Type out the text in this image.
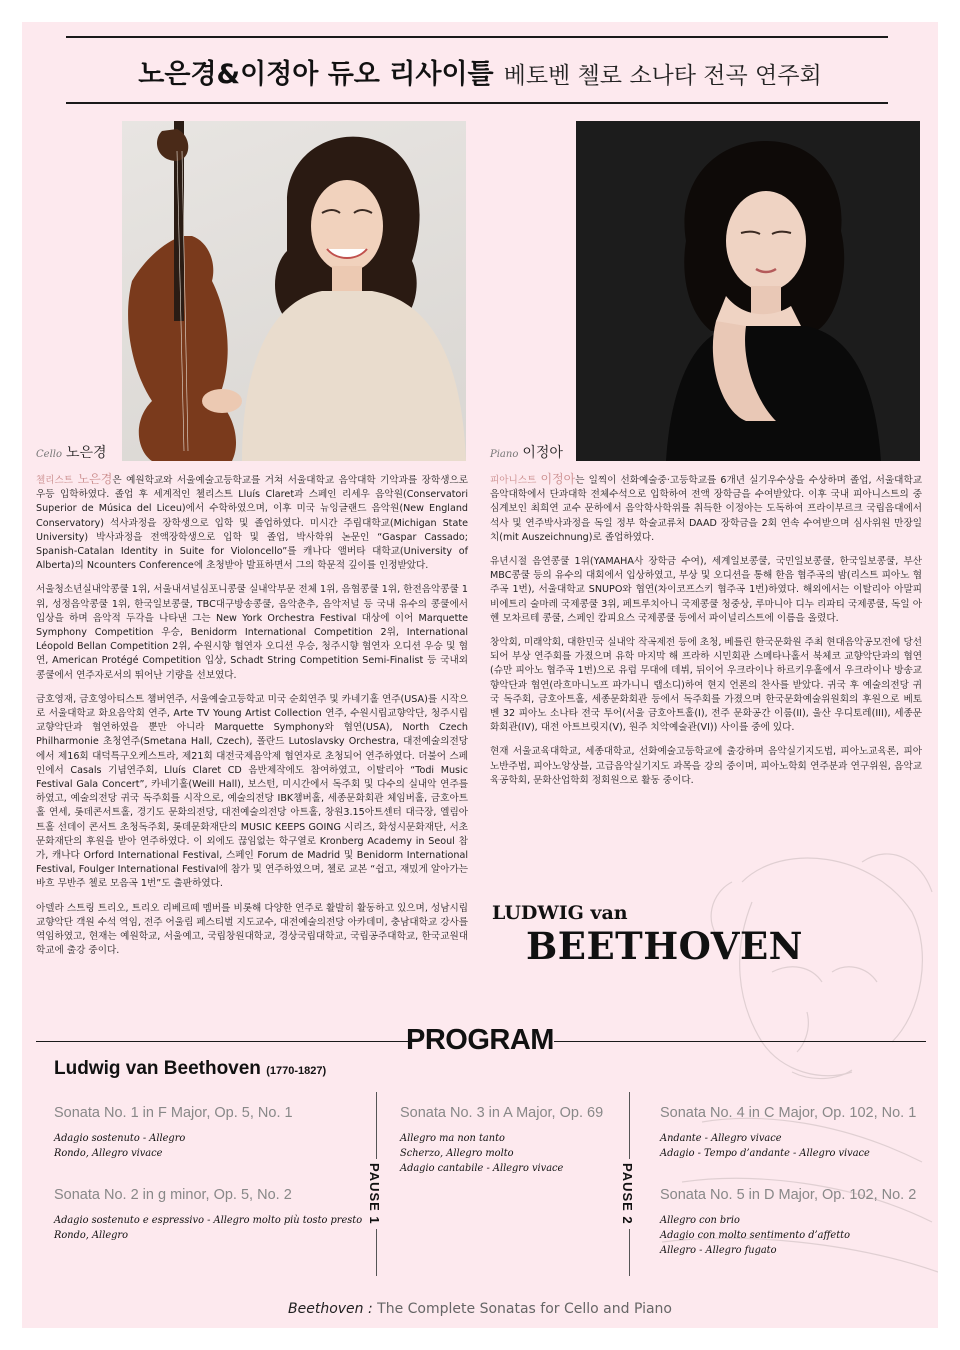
노은경&이정아 듀오 리사이틀 베토벤 첼로 소나타 전곡 연주회
Cello 노은경	Piano 이정아

첼리스트 노은경은 예원학교와 서울예술고등학교를 거쳐 서울대학교 음악대학 기악과를 장학생으로 우등 입학하였다. 졸업 후 세계적인 첼리스트 Lluís Claret과 스페인 리세우 음악원(Conservatori Superior de Música del Liceu)에서 수학하였으며, 이후 미국 뉴잉글랜드 음악원(New England Conservatory) 석사과정을 장학생으로 입학 및 졸업하였다. 미시간 주립대학교(Michigan State University) 박사과정을 전액장학생으로 입학 및 졸업, 박사학위 논문인 “Gaspar Cassado; Spanish-Catalan Identity in Suite for Violoncello”를 캐나다 앨버타 대학교(University of Alberta)의 Ncounters Conference에 초청받아 발표하면서 그의 학문적 깊이를 인정받았다.

서울청소년실내악콩쿨 1위, 서울내셔널심포니콩쿨 실내악부문 전체 1위, 음협콩쿨 1위, 한전음악콩쿨 1위, 성정음악콩쿨 1위, 한국일보콩쿨, TBC대구방송콩쿨, 음악춘추, 음악저널 등 국내 유수의 콩쿨에서 입상을 하며 음악적 두각을 나타낸 그는 New York Orchestra Festival 대상에 이어 Marquette Symphony Competition 우승, Benidorm International Competition 2위, International Léopold Bellan Competition 2위, 수원시향 협연자 오디션 우승, 청주시향 협연자 오디션 우승 및 협연, American Protégé Competition 입상, Schadt String Competition Semi-Finalist 등 국내외 콩쿨에서 연주자로서의 뛰어난 기량을 선보였다.

금호영재, 금호영아티스트 챔버연주, 서울예술고등학교 미국 순회연주 및 카네기홀 연주(USA)를 시작으로 서울대학교 화요음악회 연주, Arte TV Young Artist Collection 연주, 수원시립교향악단, 청주시립교향악단과 협연하였을 뿐만 아니라 Marquette Symphony와 협연(USA), North Czech Philharmonie 초청연주(Smetana Hall, Czech), 폴란드 Lutoslavsky Orchestra, 대전예술의전당에서 제16회 대덕특구오케스트라, 제21회 대전국제음악제 협연자로 초청되어 연주하였다. 더불어 스페인에서 Casals 기념연주회, Lluís Claret CD 음반제작에도 참여하였고, 이탈리아 “Todi Music Festival Gala Concert”, 카네기홀(Weill Hall), 보스턴, 미시간에서 독주회 및 다수의 실내악 연주를 하였고, 예술의전당 귀국 독주회를 시작으로, 예술의전당 IBK챔버홀, 세종문화회관 체임버홀, 금호아트홀 연세, 롯데콘서트홀, 경기도 문화의전당, 대전예술의전당 아트홀, 창원3.15아트센터 대극장, 엘림아트홀 선데이 콘서트 초청독주회, 롯데문화재단의 MUSIC KEEPS GOING 시리즈, 화성시문화재단, 서초문화재단의 후원을 받아 연주하였다. 이 외에도 끊임없는 학구열로 Kronberg Academy in Seoul 참가, 캐나다 Orford International Festival, 스페인 Forum de Madrid 및 Benidorm International Festival, Foulger International Festival에 참가 및 연주하였으며, 첼로 교본 “쉽고, 재밌게 알아가는 바흐 무반주 첼로 모음곡 1번”도 출판하였다.

아델라 스트링 트리오, 트리오 리베르떼 멤버를 비롯해 다양한 연주로 활발히 활동하고 있으며, 성남시립교향악단 객원 수석 역임, 전주 어울림 페스티벌 지도교수, 대전예술의전당 아카데미, 충남대학교 강사를 역임하였고, 현재는 예원학교, 서울예고, 국립창원대학교, 경상국립대학교, 국립공주대학교, 한국교원대학교에 출강 중이다.

피아니스트 이정아는 일찍이 선화예술중·고등학교를 6개년 실기우수상을 수상하며 졸업, 서울대학교 음악대학에서 단과대학 전체수석으로 입학하여 전액 장학금을 수여받았다. 이후 국내 피아니스트의 중심계보인 최희연 교수 문하에서 음악학사학위를 취득한 이정아는 도독하여 프라이부르크 국립음대에서 석사 및 연주박사과정을 독일 정부 학술교류처 DAAD 장학금을 2회 연속 수여받으며 심사위원 만장일치(mit Auszeichnung)로 졸업하였다.

유년시절 음연콩쿨 1위(YAMAHA사 장학금 수여), 세계일보콩쿨, 국민일보콩쿨, 한국일보콩쿨, 부산MBC콩쿨 등의 유수의 대회에서 입상하였고, 부상 및 오디션을 통해 한음 협주곡의 밤(리스트 피아노 협주곡 1번), 서울대학교 SNUPO와 협연(차이코프스키 협주곡 1번)하였다. 해외에서는 이탈리아 아말피 비에트리 술마레 국제콩쿨 3위, 페트루치아니 국제콩쿨 청중상, 루마니아 디누 리파티 국제콩쿨, 독일 아헨 모차르테 콩쿨, 스페인 캄피요스 국제콩쿨 등에서 파이널리스트에 이름을 올렸다.

창악회, 미래악회, 대한민국 실내악 작곡제전 등에 초청, 베를린 한국문화원 주최 현대음악공모전에 당선되어 부상 연주회를 가졌으며 유학 마지막 해 프라하 시민회관 스메타나홀서 북체코 교향악단과의 협연(슈만 피아노 협주곡 1번)으로 유럽 무대에 데뷔, 뒤이어 우크라이나 하르키우홀에서 우크라이나 방송교향악단과 협연(라흐마니노프 파가니니 랩소디)하여 현지 언론의 찬사를 받았다. 귀국 후 예술의전당 귀국 독주회, 금호아트홀, 세종문화회관 등에서 독주회를 가졌으며 한국문화예술위원회의 후원으로 베토벤 32 피아노 소나타 전국 투어(서울 금호아트홀(I), 전주 문화공간 이룸(II), 울산 우디토레(III), 세종문화회관(IV), 대전 아트브릿지(V), 원주 치악예술관(VI)) 사이를 중에 있다.

현재 서울교육대학교, 세종대학교, 선화예술고등학교에 출강하며 음악실기지도법, 피아노교육론, 피아노반주법, 피아노앙상블, 고급음악실기지도 과목을 강의 중이며, 피아노학회 연주분과 연구위원, 음악교육공학회, 문화산업학회 정회원으로 활동 중이다.

LUDWIG van
BEETHOVEN
PROGRAM
Ludwig van Beethoven (1770-1827)
Sonata No. 1 in F Major, Op. 5, No. 1
Adagio sostenuto - Allegro
Rondo, Allegro vivace
Sonata No. 2 in g minor, Op. 5, No. 2
Adagio sostenuto e espressivo - Allegro molto più tosto presto
Rondo, Allegro
PAUSE 1
Sonata No. 3 in A Major, Op. 69
Allegro ma non tanto
Scherzo, Allegro molto
Adagio cantabile - Allegro vivace	PAUSE 2
Sonata No. 4 in C Major, Op. 102, No. 1
Andante - Allegro vivace
Adagio - Tempo d’andante - Allegro vivace
Sonata No. 5 in D Major, Op. 102, No. 2
Allegro con brio
Adagio con molto sentimento d’affetto
Allegro - Allegro fugato
Beethoven : The Complete Sonatas for Cello and Piano
